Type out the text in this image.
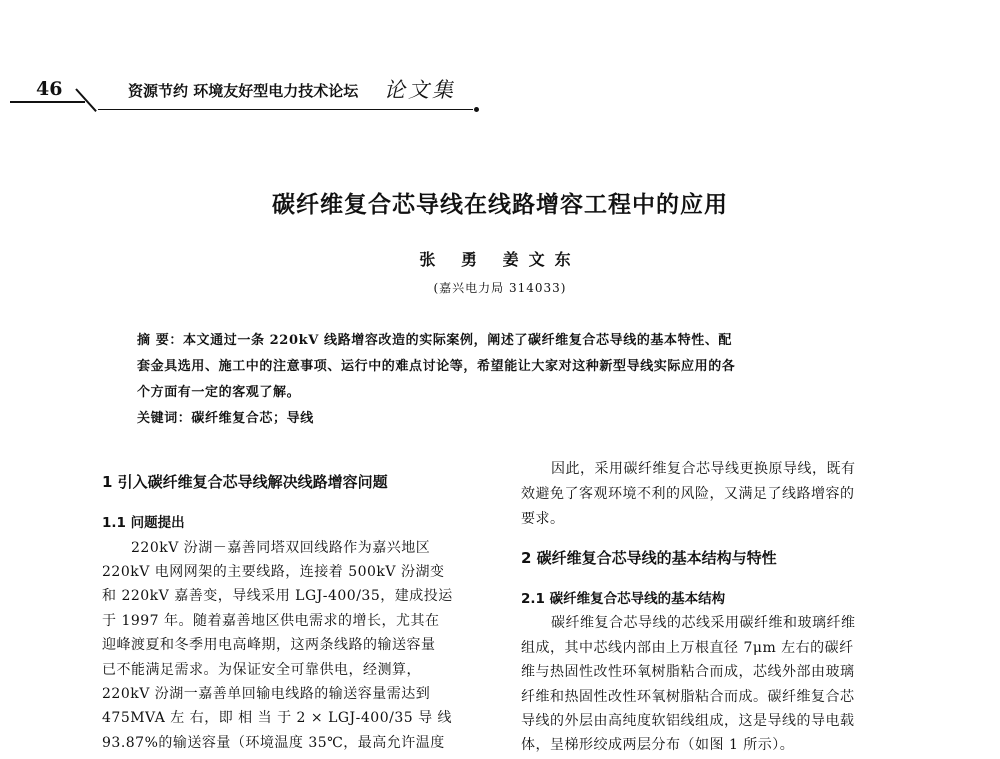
46	资源节约 环境友好型电力技术论坛 论文集
碳纤维复合芯导线在线路增容工程中的应用
张 勇 姜文东
(嘉兴电力局 314033)
摘 要：本文通过一条 220kV 线路增容改造的实际案例，阐述了碳纤维复合芯导线的基本特性、配
套金具选用、施工中的注意事项、运行中的难点讨论等，希望能让大家对这种新型导线实际应用的各
个方面有一定的客观了解。
关键词：碳纤维复合芯；导线
1 引入碳纤维复合芯导线解决线路增容问题
1.1 问题提出
220kV 汾湖－嘉善同塔双回线路作为嘉兴地区
220kV 电网网架的主要线路，连接着 500kV 汾湖变
和 220kV 嘉善变，导线采用 LGJ-400/35，建成投运
于 1997 年。随着嘉善地区供电需求的增长，尤其在
迎峰渡夏和冬季用电高峰期，这两条线路的输送容量
已不能满足需求。为保证安全可靠供电，经测算，
220kV 汾湖一嘉善单回输电线路的输送容量需达到
475MVA 左 右，即 相 当 于 2 × LGJ-400/35 导 线
93.87%的输送容量（环境温度 35℃，最高允许温度
因此，采用碳纤维复合芯导线更换原导线，既有
效避免了客观环境不利的风险，又满足了线路增容的
要求。
2 碳纤维复合芯导线的基本结构与特性
2.1 碳纤维复合芯导线的基本结构
碳纤维复合芯导线的芯线采用碳纤维和玻璃纤维
组成，其中芯线内部由上万根直径 7μm 左右的碳纤
维与热固性改性环氧树脂粘合而成，芯线外部由玻璃
纤维和热固性改性环氧树脂粘合而成。碳纤维复合芯
导线的外层由高纯度软铝线组成，这是导线的导电载
体，呈梯形绞成两层分布（如图 1 所示）。
